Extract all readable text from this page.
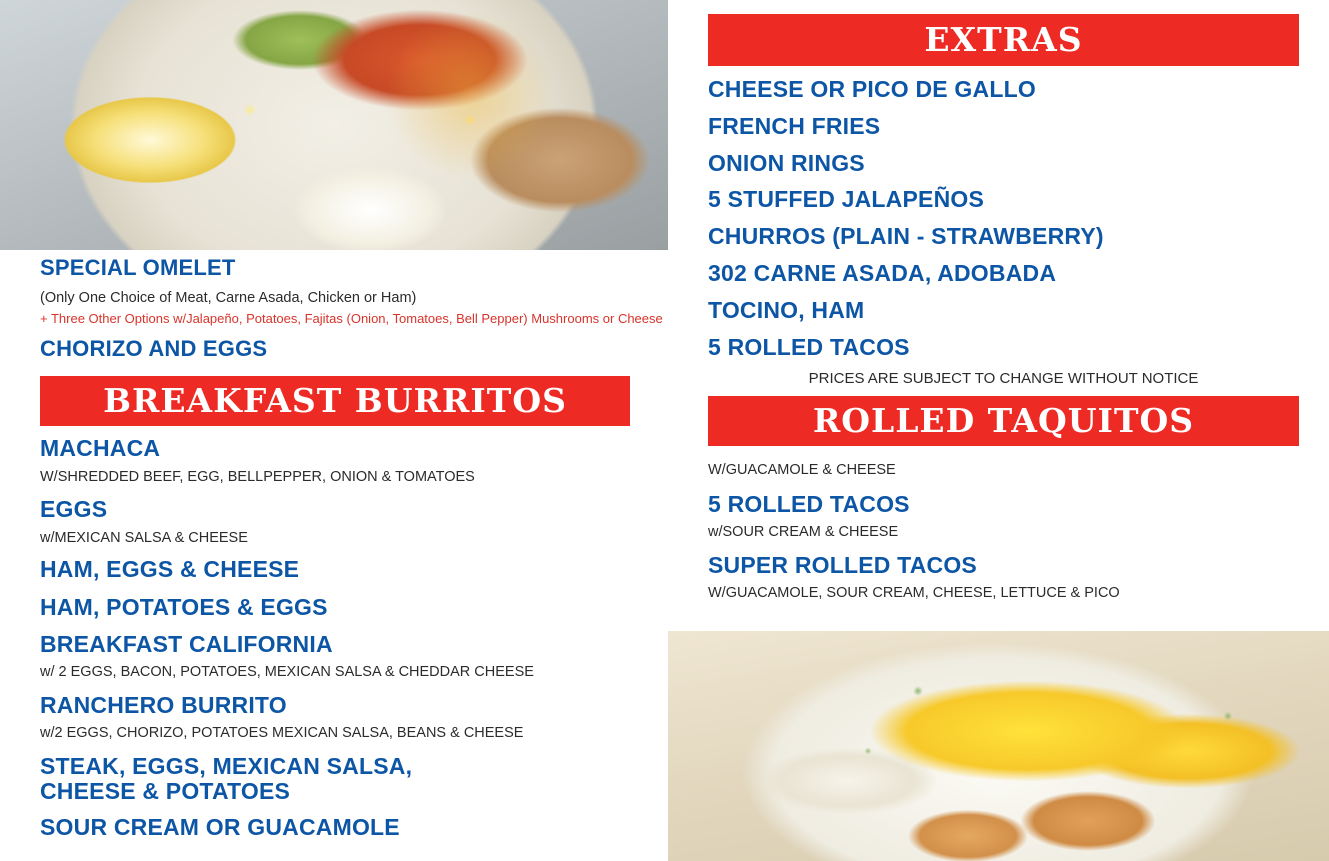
SPECIAL OMELET
(Only One Choice of Meat, Carne Asada, Chicken or Ham)
+ Three Other Options w/Jalapeño, Potatoes, Fajitas (Onion, Tomatoes, Bell Pepper) Mushrooms or Cheese
CHORIZO AND EGGS
BREAKFAST BURRITOS
MACHACA
W/SHREDDED BEEF, EGG, BELLPEPPER, ONION & TOMATOES
EGGS
w/MEXICAN SALSA & CHEESE
HAM, EGGS & CHEESE
HAM, POTATOES & EGGS
BREAKFAST CALIFORNIA
w/ 2 EGGS, BACON, POTATOES, MEXICAN SALSA & CHEDDAR CHEESE
RANCHERO BURRITO
w/2 EGGS, CHORIZO, POTATOES MEXICAN SALSA, BEANS & CHEESE
STEAK, EGGS, MEXICAN SALSA,
CHEESE & POTATOES
SOUR CREAM OR GUACAMOLE
EXTRAS
CHEESE OR PICO DE GALLO
FRENCH FRIES
ONION RINGS
5 STUFFED JALAPEÑOS
CHURROS (PLAIN - STRAWBERRY)
302 CARNE ASADA, ADOBADA
TOCINO, HAM
5 ROLLED TACOS
PRICES ARE SUBJECT TO CHANGE WITHOUT NOTICE
ROLLED TAQUITOS
W/GUACAMOLE & CHEESE
5 ROLLED TACOS
w/SOUR CREAM & CHEESE
SUPER ROLLED TACOS
W/GUACAMOLE, SOUR CREAM, CHEESE, LETTUCE & PICO
